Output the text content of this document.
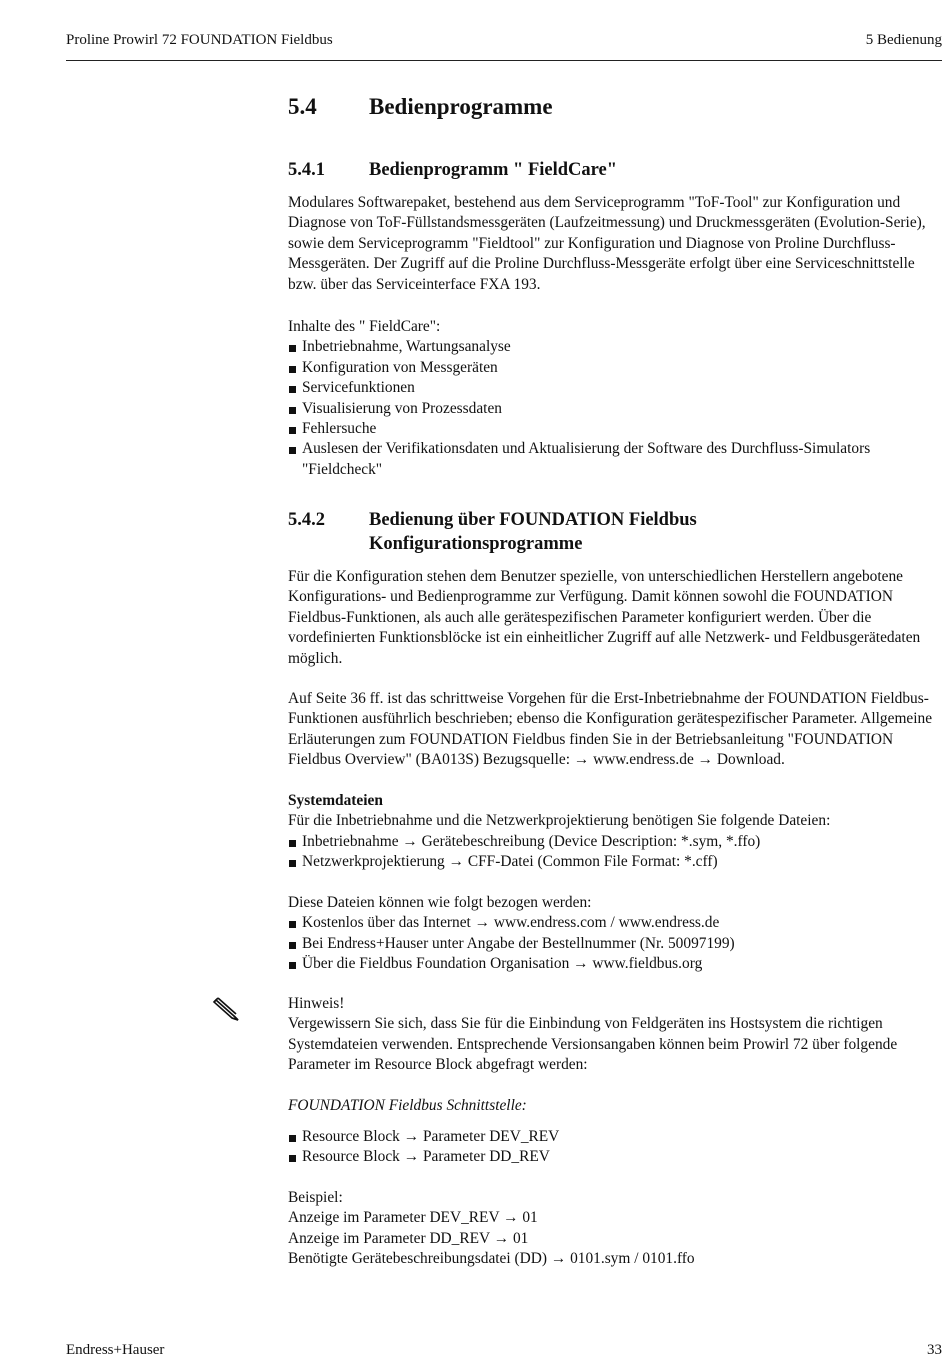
Proline Prowirl 72 FOUNDATION Fieldbus	5 Bedienung
5.4 Bedienprogramme
5.4.1 Bedienprogramm " FieldCare"

Modulares Softwarepaket, bestehend aus dem Serviceprogramm "ToF-Tool" zur Konfiguration und Diagnose von ToF-Füllstandsmessgeräten (Laufzeitmessung) und Druckmessgeräten (Evolution-Serie), sowie dem Serviceprogramm "Fieldtool" zur Konfiguration und Diagnose von Proline Durchfluss-Messgeräten. Der Zugriff auf die Proline Durchfluss-Messgeräte erfolgt über eine Serviceschnittstelle bzw. über das Serviceinterface FXA 193.

Inhalte des " FieldCare":

Inbetriebnahme, Wartungsanalyse
Konfiguration von Messgeräten
Servicefunktionen
Visualisierung von Prozessdaten
Fehlersuche
Auslesen der Verifikationsdaten und Aktualisierung der Software des Durchfluss-Simulators "Fieldcheck"
5.4.2 Bedienung über FOUNDATION Fieldbus
Konfigurationsprogramme

Für die Konfiguration stehen dem Benutzer spezielle, von unterschiedlichen Herstellern angebotene Konfigurations- und Bedienprogramme zur Verfügung. Damit können sowohl die FOUNDATION Fieldbus-Funktionen, als auch alle gerätespezifischen Parameter konfiguriert werden. Über die vordefinierten Funktionsblöcke ist ein einheitlicher Zugriff auf alle Netzwerk- und Feldbusgerätedaten möglich.

Auf Seite 36 ff. ist das schrittweise Vorgehen für die Erst-Inbetriebnahme der FOUNDATION Fieldbus-Funktionen ausführlich beschrieben; ebenso die Konfiguration gerätespezifischer Parameter. Allgemeine Erläuterungen zum FOUNDATION Fieldbus finden Sie in der Betriebsanleitung "FOUNDATION Fieldbus Overview" (BA013S) Bezugsquelle: → www.endress.de → Download.

Systemdateien

Für die Inbetriebnahme und die Netzwerkprojektierung benötigen Sie folgende Dateien:

Inbetriebnahme → Gerätebeschreibung (Device Description: *.sym, *.ffo)
Netzwerkprojektierung → CFF-Datei (Common File Format: *.cff)

Diese Dateien können wie folgt bezogen werden:

Kostenlos über das Internet → www.endress.com / www.endress.de
Bei Endress+Hauser unter Angabe der Bestellnummer (Nr. 50097199)
Über die Fieldbus Foundation Organisation → www.fieldbus.org

Hinweis!

Vergewissern Sie sich, dass Sie für die Einbindung von Feldgeräten ins Hostsystem die richtigen Systemdateien verwenden. Entsprechende Versionsangaben können beim Prowirl 72 über folgende Parameter im Resource Block abgefragt werden:

FOUNDATION Fieldbus Schnittstelle:

Resource Block → Parameter DEV_REV
Resource Block → Parameter DD_REV

Beispiel:

Anzeige im Parameter DEV_REV → 01

Anzeige im Parameter DD_REV → 01

Benötigte Gerätebeschreibungsdatei (DD) → 0101.sym / 0101.ffo

Endress+Hauser	33
